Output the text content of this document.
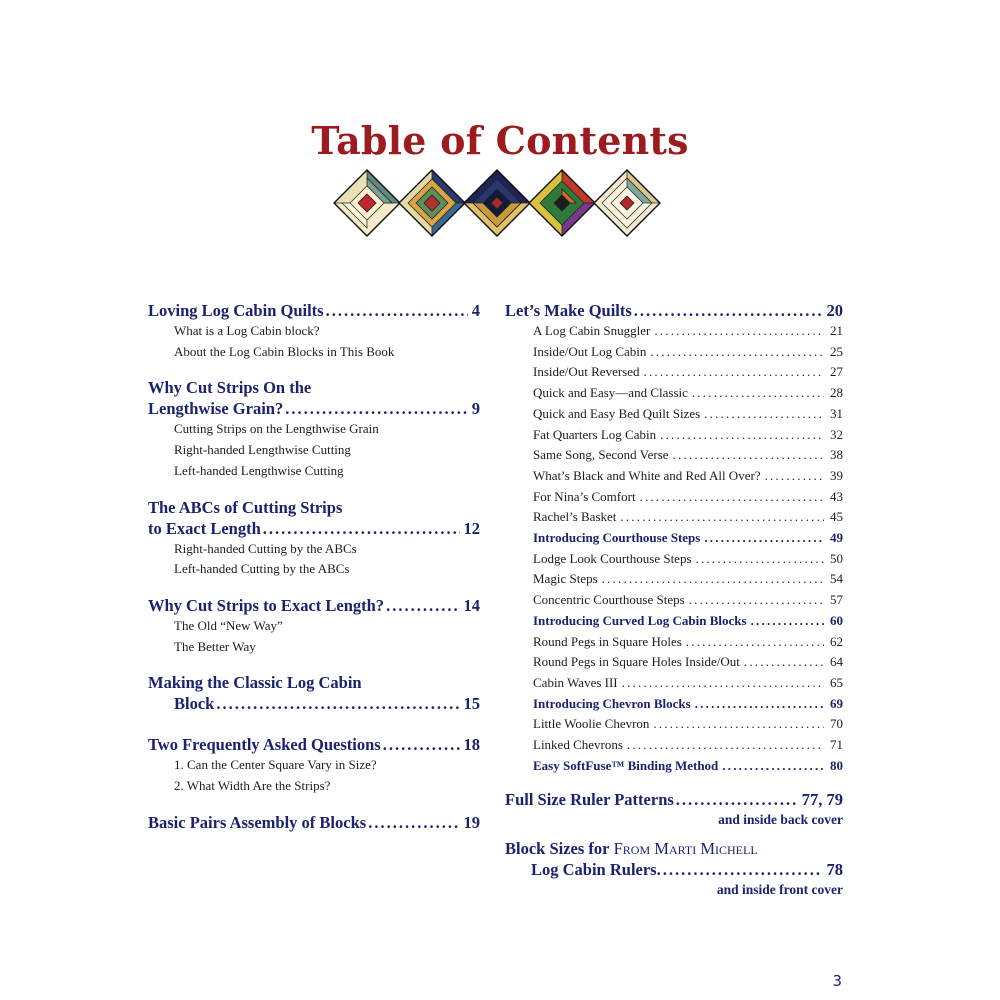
Table of Contents
Loving Log Cabin Quilts .....	4
What is a Log Cabin block?
About the Log Cabin Blocks in This Book
Why Cut Strips On the
Lengthwise Grain? .....	9
Cutting Strips on the Lengthwise Grain
Right-handed Lengthwise Cutting
Left-handed Lengthwise Cutting
The ABCs of Cutting Strips
to Exact Length .....	12
Right-handed Cutting by the ABCs
Left-handed Cutting by the ABCs
Why Cut Strips to Exact Length? .....	14
The Old “New Way”
The Better Way
Making the Classic Log Cabin
Block .....	15
Two Frequently Asked Questions .....	18
1. Can the Center Square Vary in Size?
2. What Width Are the Strips?
Basic Pairs Assembly of Blocks .....	19
Let’s Make Quilts .....	20
A Log Cabin Snuggler .....	21
Inside/Out Log Cabin .....	25
Inside/Out Reversed .....	27
Quick and Easy—and Classic .....	28
Quick and Easy Bed Quilt Sizes .....	31
Fat Quarters Log Cabin .....	32
Same Song, Second Verse .....	38
What’s Black and White and Red All Over? .....	39
For Nina’s Comfort .....	43
Rachel’s Basket .....	45
Introducing Courthouse Steps .....	49
Lodge Look Courthouse Steps .....	50
Magic Steps .....	54
Concentric Courthouse Steps .....	57
Introducing Curved Log Cabin Blocks .....	60
Round Pegs in Square Holes .....	62
Round Pegs in Square Holes Inside/Out .....	64
Cabin Waves III .....	65
Introducing Chevron Blocks .....	69
Little Woolie Chevron .....	70
Linked Chevrons .....	71
Easy SoftFuse™ Binding Method .....	80
Full Size Ruler Patterns .....	77, 79
and inside back cover
Block Sizes for
From Marti Michell
Log Cabin Rulers. .....	78
and inside front cover
3
